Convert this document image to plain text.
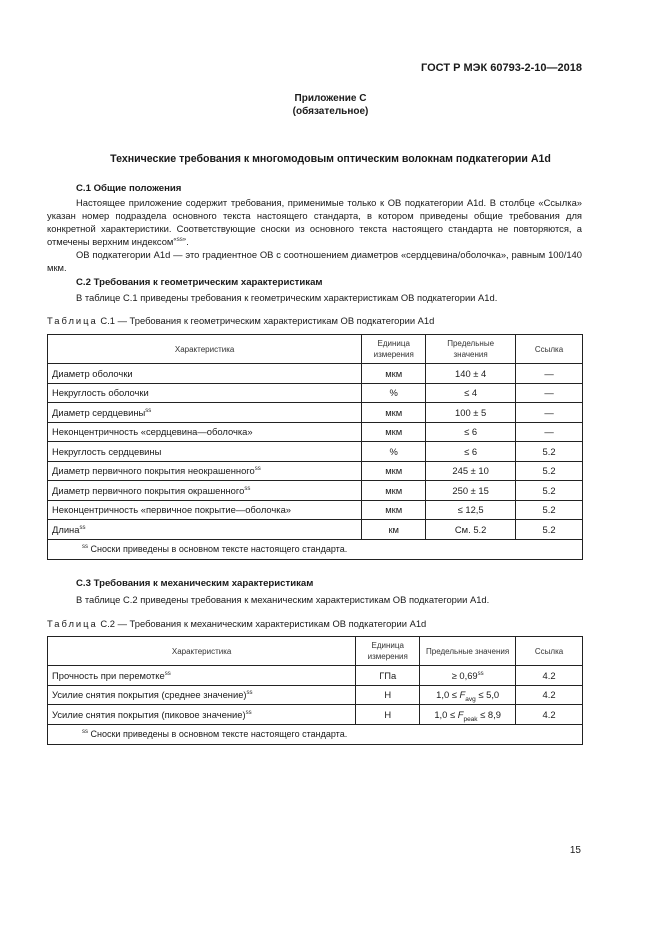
ГОСТ Р МЭК 60793-2-10—2018
Приложение С
(обязательное)
Технические требования к многомодовым оптическим волокнам подкатегории А1d
С.1 Общие положения
Настоящее приложение содержит требования, применимые только к ОВ подкатегории А1d. В столбце «Ссылка» указан номер подраздела основного текста настоящего стандарта, в котором приведены общие требования для конкретной характеристики. Соответствующие сноски из основного текста настоящего стандарта не повторяются, а отмечены верхним индексом$^{«ss»}$.
ОВ подкатегории А1d — это градиентное ОВ с соотношением диаметров «сердцевина/оболочка», равным 100/140 мкм.
С.2 Требования к геометрическим характеристикам
В таблице С.1 приведены требования к геометрическим характеристикам ОВ подкатегории А1d.
Таблица С.1 — Требования к геометрическим характеристикам ОВ подкатегории А1d
Характеристика	Единица измерения	Предельные значения	Ссылка
Диаметр оболочки	мкм	140 ± 4	—
Некруглость оболочки	%	≤ 4	—
Диаметр сердцевины$^{ss}$	мкм	100 ± 5	—
Неконцентричность «сердцевина—оболочка»	мкм	≤ 6	—
Некруглость сердцевины	%	≤ 6	5.2
Диаметр первичного покрытия неокрашенного$^{ss}$	мкм	245 ± 10	5.2
Диаметр первичного покрытия окрашенного$^{ss}$	мкм	250 ± 15	5.2
Неконцентричность «первичное покрытие—оболочка»	мкм	≤ 12,5	5.2
Длина$^{ss}$	км	См. 5.2	5.2
$^{ss}$ Сноски приведены в основном тексте настоящего стандарта.			
С.3 Требования к механическим характеристикам
В таблице С.2 приведены требования к механическим характеристикам ОВ подкатегории А1d.
Таблица С.2 — Требования к механическим характеристикам ОВ подкатегории А1d
Характеристика	Единица измерения	Предельные значения	Ссылка
Прочность при перемотке$^{ss}$	ГПа	≥ $0,69^{ss}$	4.2
Усилие снятия покрытия (среднее значение)$^{ss}$	Н	$1,0 \le F_{avg} \le 5,0$	4.2
Усилие снятия покрытия (пиковое значение)$^{ss}$	Н	$1,0 \le F_{peak} \le 8,9$	4.2
$^{ss}$ Сноски приведены в основном тексте настоящего стандарта.			
15
